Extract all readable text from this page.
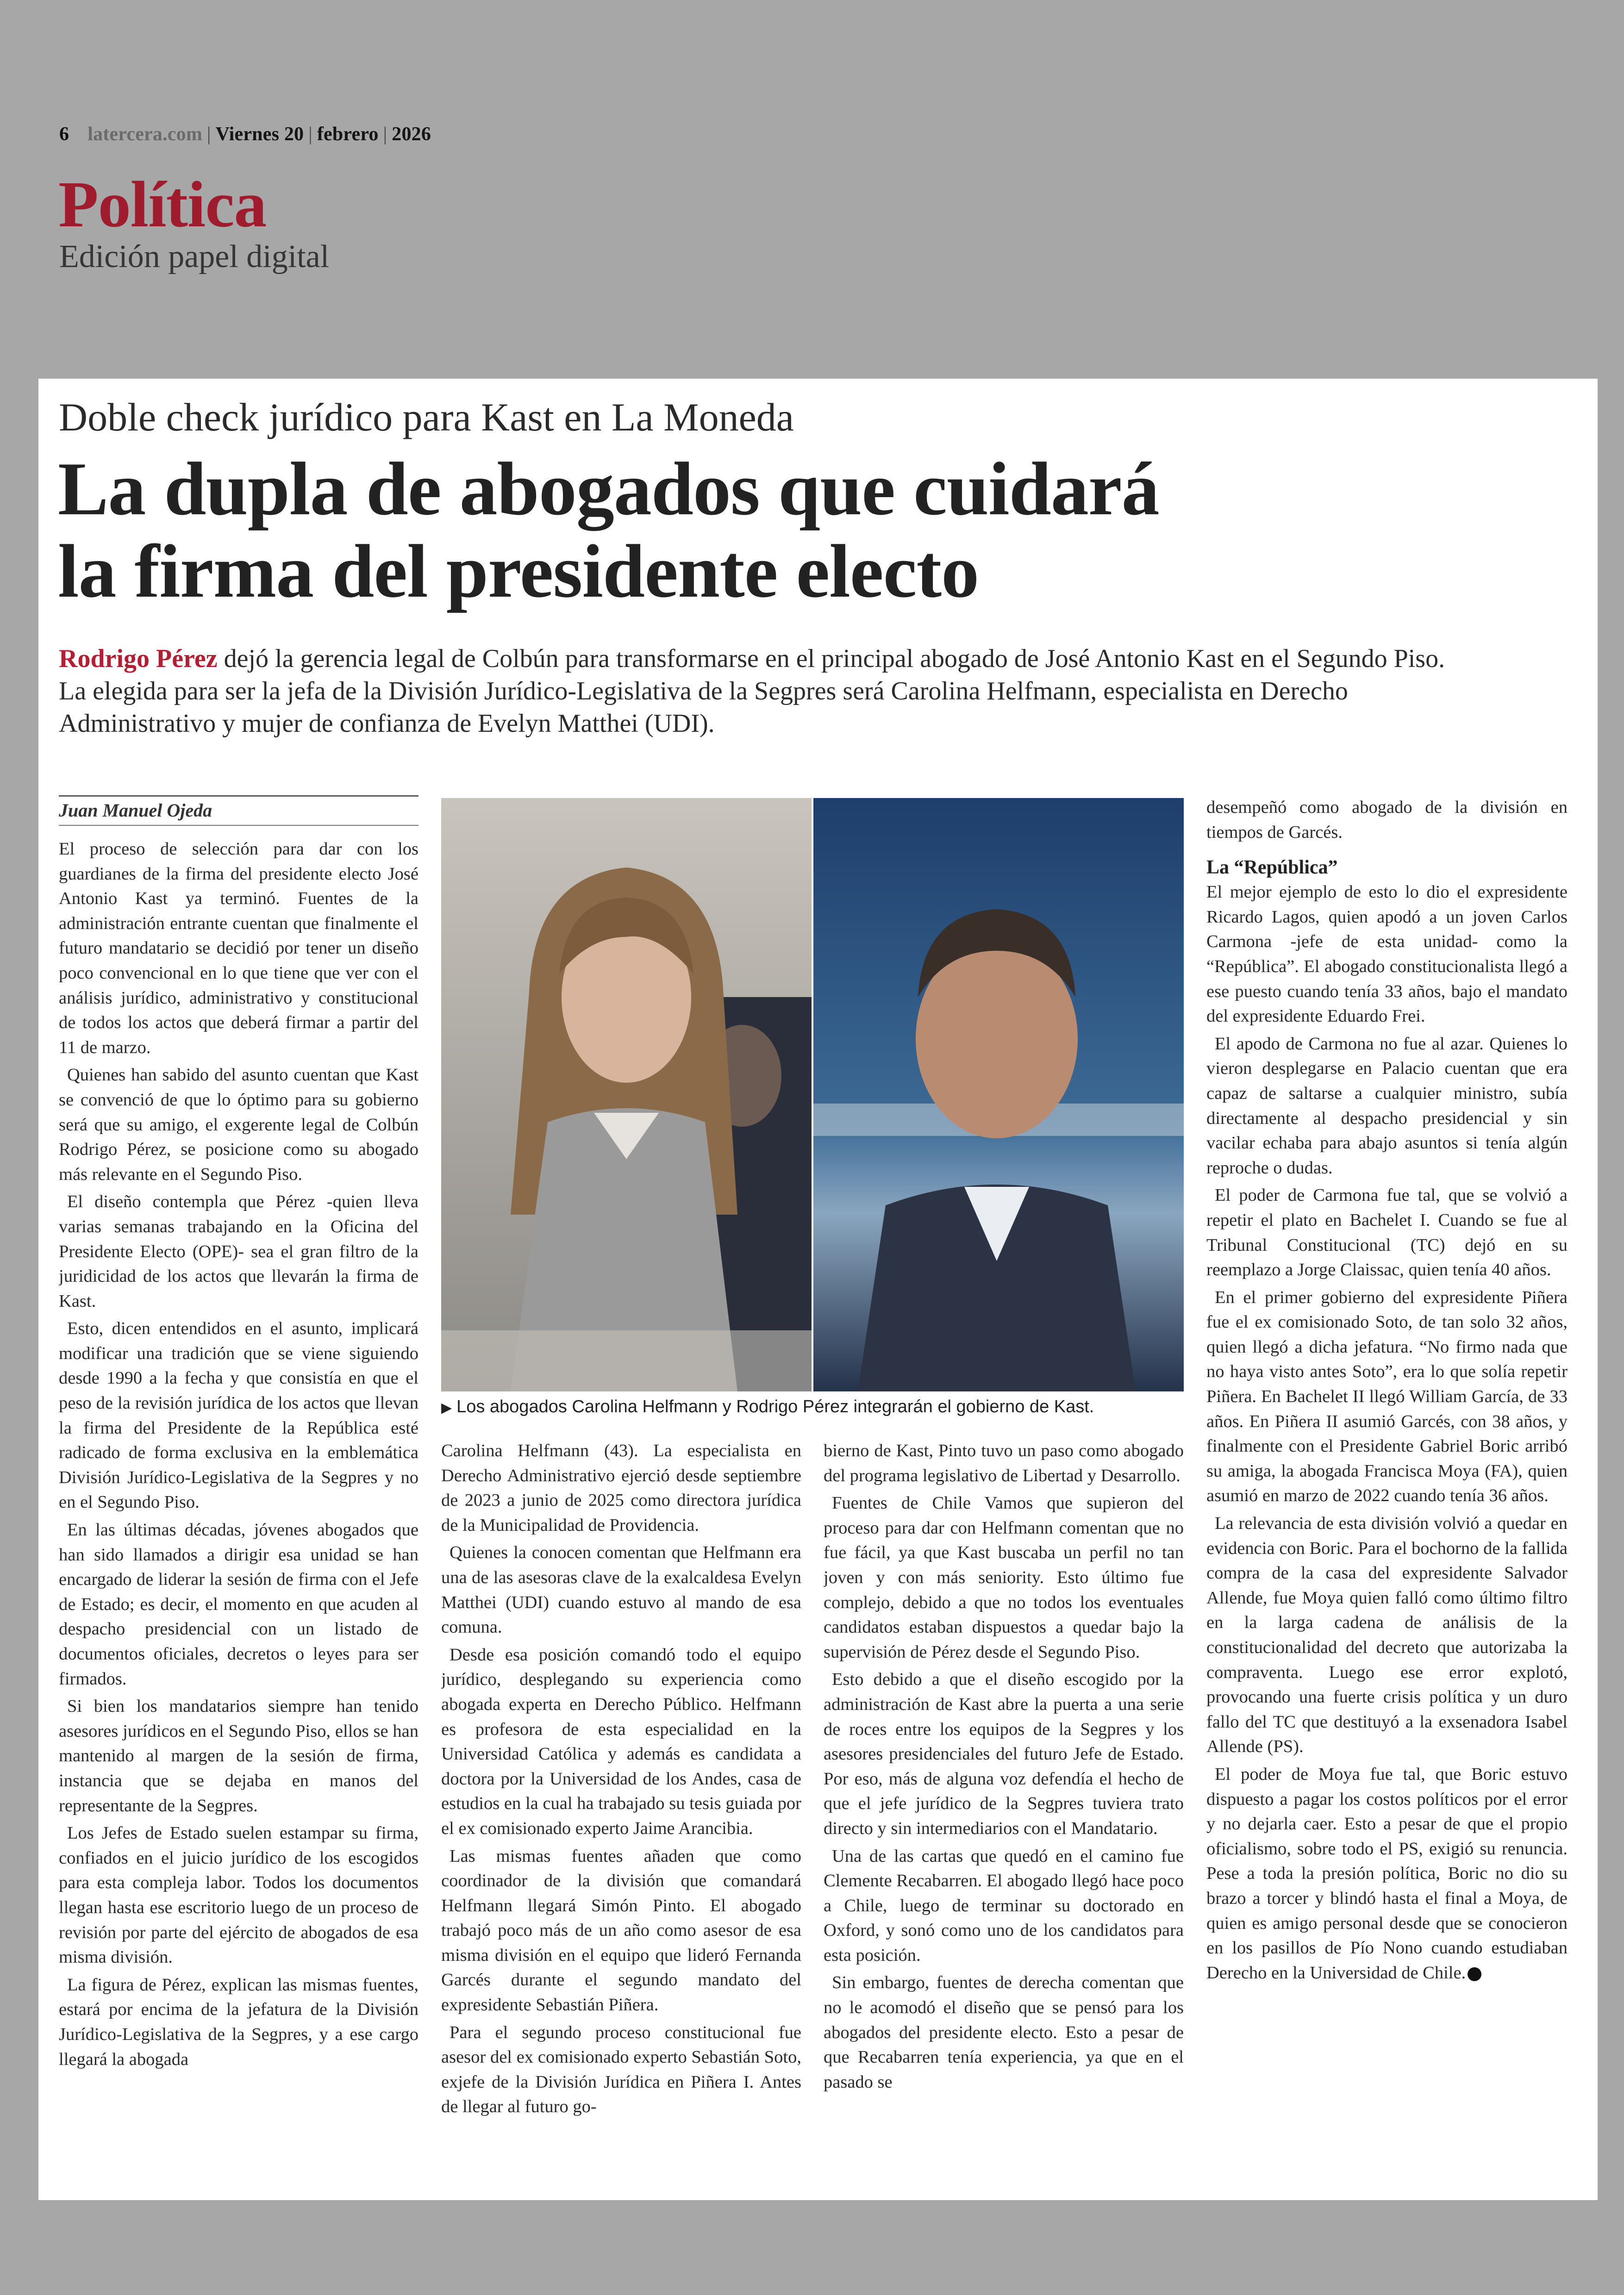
6 latercera.com | Viernes 20 | febrero | 2026
Política
Edición papel digital
Doble check jurídico para Kast en La Moneda
La dupla de abogados que cuidará
la firma del presidente electo
Rodrigo Pérez dejó la gerencia legal de Colbún para transformarse en el principal abogado de José Antonio Kast en el Segundo Piso. La elegida para ser la jefa de la División Jurídico-Legislativa de la Segpres será Carolina Helfmann, especialista en Derecho Administrativo y mujer de confianza de Evelyn Matthei (UDI).
Juan Manuel Ojeda

El proceso de selección para dar con los guardianes de la firma del presidente electo José Antonio Kast ya terminó. Fuentes de la administración entrante cuentan que finalmente el futuro mandatario se decidió por tener un diseño poco convencional en lo que tiene que ver con el análisis jurídico, administrativo y constitucional de todos los actos que deberá firmar a partir del 11 de marzo.

Quienes han sabido del asunto cuentan que Kast se convenció de que lo óptimo para su gobierno será que su amigo, el exgerente legal de Colbún Rodrigo Pérez, se posicione como su abogado más relevante en el Segundo Piso.

El diseño contempla que Pérez -quien lleva varias semanas trabajando en la Oficina del Presidente Electo (OPE)- sea el gran filtro de la juridicidad de los actos que llevarán la firma de Kast.

Esto, dicen entendidos en el asunto, implicará modificar una tradición que se viene siguiendo desde 1990 a la fecha y que consistía en que el peso de la revisión jurídica de los actos que llevan la firma del Presidente de la República esté radicado de forma exclusiva en la emblemática División Jurídico-Legislativa de la Segpres y no en el Segundo Piso.

En las últimas décadas, jóvenes abogados que han sido llamados a dirigir esa unidad se han encargado de liderar la sesión de firma con el Jefe de Estado; es decir, el momento en que acuden al despacho presidencial con un listado de documentos oficiales, decretos o leyes para ser firmados.

Si bien los mandatarios siempre han tenido asesores jurídicos en el Segundo Piso, ellos se han mantenido al margen de la sesión de firma, instancia que se dejaba en manos del representante de la Segpres.

Los Jefes de Estado suelen estampar su firma, confiados en el juicio jurídico de los escogidos para esta compleja labor. Todos los documentos llegan hasta ese escritorio luego de un proceso de revisión por parte del ejército de abogados de esa misma división.

La figura de Pérez, explican las mismas fuentes, estará por encima de la jefatura de la División Jurídico-Legislativa de la Segpres, y a ese cargo llegará la abogada

▶ Los abogados Carolina Helfmann y Rodrigo Pérez integrarán el gobierno de Kast.

Carolina Helfmann (43). La especialista en Derecho Administrativo ejerció desde septiembre de 2023 a junio de 2025 como directora jurídica de la Municipalidad de Providencia.

Quienes la conocen comentan que Helfmann era una de las asesoras clave de la exalcaldesa Evelyn Matthei (UDI) cuando estuvo al mando de esa comuna.

Desde esa posición comandó todo el equipo jurídico, desplegando su experiencia como abogada experta en Derecho Público. Helfmann es profesora de esta especialidad en la Universidad Católica y además es candidata a doctora por la Universidad de los Andes, casa de estudios en la cual ha trabajado su tesis guiada por el ex comisionado experto Jaime Arancibia.

Las mismas fuentes añaden que como coordinador de la división que comandará Helfmann llegará Simón Pinto. El abogado trabajó poco más de un año como asesor de esa misma división en el equipo que lideró Fernanda Garcés durante el segundo mandato del expresidente Sebastián Piñera.

Para el segundo proceso constitucional fue asesor del ex comisionado experto Sebastián Soto, exjefe de la División Jurídica en Piñera I. Antes de llegar al futuro go-

bierno de Kast, Pinto tuvo un paso como abogado del programa legislativo de Libertad y Desarrollo.

Fuentes de Chile Vamos que supieron del proceso para dar con Helfmann comentan que no fue fácil, ya que Kast buscaba un perfil no tan joven y con más seniority. Esto último fue complejo, debido a que no todos los eventuales candidatos estaban dispuestos a quedar bajo la supervisión de Pérez desde el Segundo Piso.

Esto debido a que el diseño escogido por la administración de Kast abre la puerta a una serie de roces entre los equipos de la Segpres y los asesores presidenciales del futuro Jefe de Estado. Por eso, más de alguna voz defendía el hecho de que el jefe jurídico de la Segpres tuviera trato directo y sin intermediarios con el Mandatario.

Una de las cartas que quedó en el camino fue Clemente Recabarren. El abogado llegó hace poco a Chile, luego de terminar su doctorado en Oxford, y sonó como uno de los candidatos para esta posición.

Sin embargo, fuentes de derecha comentan que no le acomodó el diseño que se pensó para los abogados del presidente electo. Esto a pesar de que Recabarren tenía experiencia, ya que en el pasado se

desempeñó como abogado de la división en tiempos de Garcés.

La “República”

El mejor ejemplo de esto lo dio el expresidente Ricardo Lagos, quien apodó a un joven Carlos Carmona -jefe de esta unidad- como la “República”. El abogado constitucionalista llegó a ese puesto cuando tenía 33 años, bajo el mandato del expresidente Eduardo Frei.

El apodo de Carmona no fue al azar. Quienes lo vieron desplegarse en Palacio cuentan que era capaz de saltarse a cualquier ministro, subía directamente al despacho presidencial y sin vacilar echaba para abajo asuntos si tenía algún reproche o dudas.

El poder de Carmona fue tal, que se volvió a repetir el plato en Bachelet I. Cuando se fue al Tribunal Constitucional (TC) dejó en su reemplazo a Jorge Claissac, quien tenía 40 años.

En el primer gobierno del expresidente Piñera fue el ex comisionado Soto, de tan solo 32 años, quien llegó a dicha jefatura. “No firmo nada que no haya visto antes Soto”, era lo que solía repetir Piñera. En Bachelet II llegó William García, de 33 años. En Piñera II asumió Garcés, con 38 años, y finalmente con el Presidente Gabriel Boric arribó su amiga, la abogada Francisca Moya (FA), quien asumió en marzo de 2022 cuando tenía 36 años.

La relevancia de esta división volvió a quedar en evidencia con Boric. Para el bochorno de la fallida compra de la casa del expresidente Salvador Allende, fue Moya quien falló como último filtro en la larga cadena de análisis de la constitucionalidad del decreto que autorizaba la compraventa. Luego ese error explotó, provocando una fuerte crisis política y un duro fallo del TC que destituyó a la exsenadora Isabel Allende (PS).

El poder de Moya fue tal, que Boric estuvo dispuesto a pagar los costos políticos por el error y no dejarla caer. Esto a pesar de que el propio oficialismo, sobre todo el PS, exigió su renuncia. Pese a toda la presión política, Boric no dio su brazo a torcer y blindó hasta el final a Moya, de quien es amigo personal desde que se conocieron en los pasillos de Pío Nono cuando estudiaban Derecho en la Universidad de Chile.
